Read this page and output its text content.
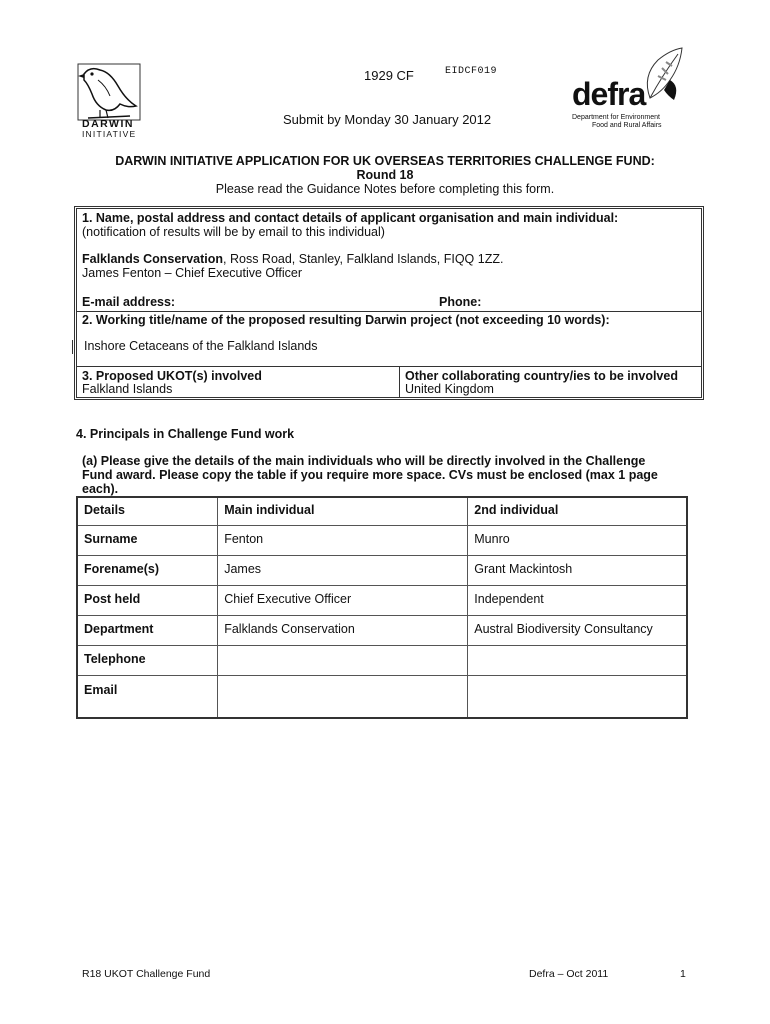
DARWIN
INITIATIVE
1929 CF	EIDCF019
Submit by Monday 30 January 2012
defra
Department for Environment
Food and Rural Affairs
DARWIN INITIATIVE APPLICATION FOR UK OVERSEAS TERRITORIES CHALLENGE FUND:
Round 18
Please read the Guidance Notes before completing this form.
1. Name, postal address and contact details of applicant organisation and main individual:
(notification of results will be by email to this individual)
Falklands Conservation, Ross Road, Stanley, Falkland Islands, FIQQ 1ZZ.
James Fenton – Chief Executive Officer
E-mail address:	Phone:
2. Working title/name of the proposed resulting Darwin project (not exceeding 10 words):
Inshore Cetaceans of the Falkland Islands
3. Proposed UKOT(s) involved
Falkland Islands
Other collaborating country/ies to be involved
United Kingdom
4. Principals in Challenge Fund work
(a) Please give the details of the main individuals who will be directly involved in the Challenge
Fund award. Please copy the table if you require more space. CVs must be enclosed (max 1 page
each).
Details	Main individual	2nd individual
Surname	Fenton	Munro
Forename(s)	James	Grant Mackintosh
Post held	Chief Executive Officer	Independent
Department	Falklands Conservation	Austral Biodiversity Consultancy
Telephone		
Email		
R18 UKOT Challenge Fund	Defra – Oct 2011	1
